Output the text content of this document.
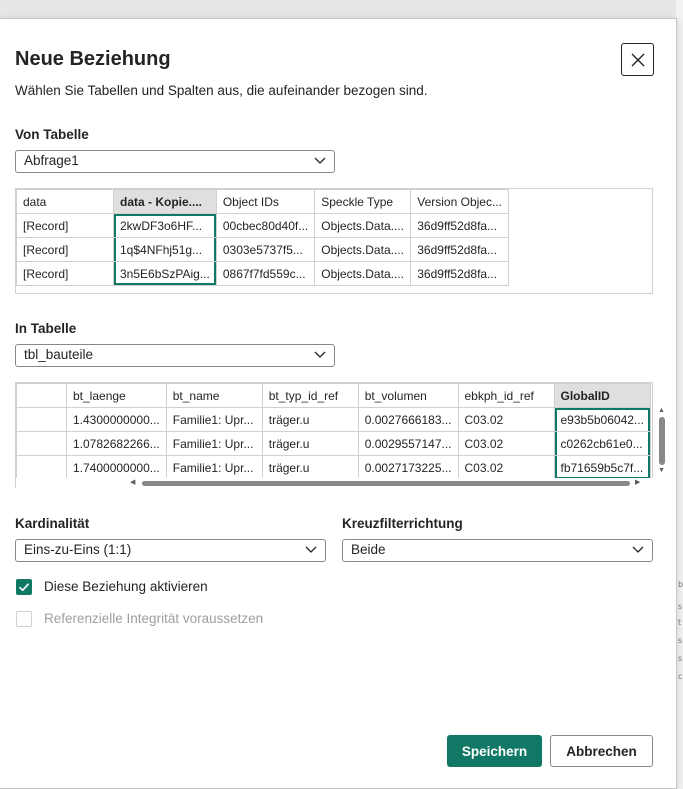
b
s
t
s
s
c
Neue Beziehung
Wählen Sie Tabellen und Spalten aus, die aufeinander bezogen sind.
Von Tabelle
Abfrage1
data	data - Kopie....	Object IDs	Speckle Type	Version Objec...
[Record]	2kwDF3o6HF...	00cbec80d40f...	Objects.Data....	36d9ff52d8fa...
[Record]	1q$4NFhj51g...	0303e5737f5...	Objects.Data....	36d9ff52d8fa...
[Record]	3n5E6bSzPAig...	0867f7fd559c...	Objects.Data....	36d9ff52d8fa...
In Tabelle
tbl_bauteile
	bt_laenge	bt_name	bt_typ_id_ref	bt_volumen	ebkph_id_ref	GlobalID
	1.4300000000...	Familie1: Upr...	träger.u	0.0027666183...	C03.02	e93b5b06042...
	1.0782682266...	Familie1: Upr...	träger.u	0.0029557147...	C03.02	c0262cb61e0...
	1.7400000000...	Familie1: Upr...	träger.u	0.0027173225...	C03.02	fb71659b5c7f...
▲
▼
◀	▶
Kardinalität
Eins-zu-Eins (1:1)
Kreuzfilterrichtung
Beide
Diese Beziehung aktivieren
Referenzielle Integrität voraussetzen
Speichern	Abbrechen
